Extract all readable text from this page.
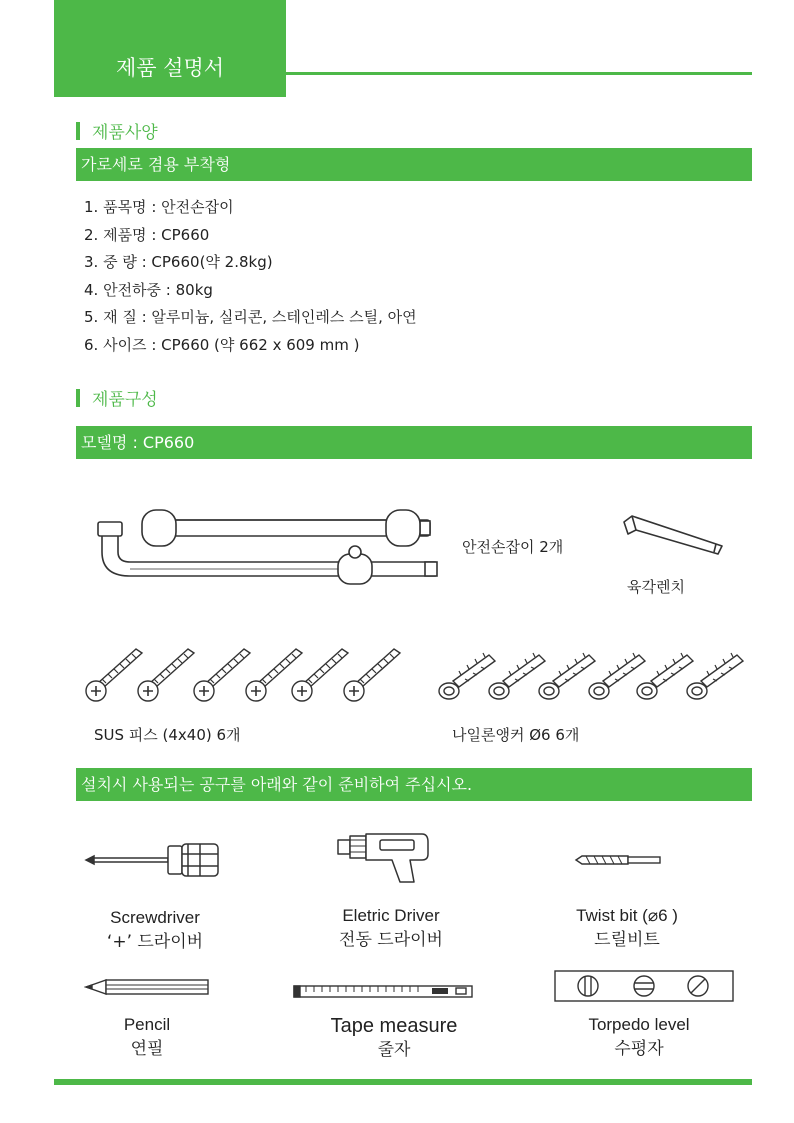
제품 설명서
제품사양
가로세로 겸용 부착형
1. 품목명 : 안전손잡이
2. 제품명 : CP660
3. 중 량 : CP660(약 2.8kg)
4. 안전하중 : 80kg
5. 재 질 : 알루미늄, 실리콘, 스테인레스 스틸, 아연
6. 사이즈 : CP660 (약 662 x 609 mm )
제품구성
모델명 : CP660
안전손잡이 2개
육각렌치
SUS 피스 (4x40) 6개	나일론앵커 Ø6 6개
설치시 사용되는 공구를 아래와 같이 준비하여 주십시오.
Screwdriver
‘+’ 드라이버
Eletric Driver
전동 드라이버
Twist bit (⌀6 )
드릴비트
Pencil
연필
Tape measure
줄자
Torpedo level
수평자
